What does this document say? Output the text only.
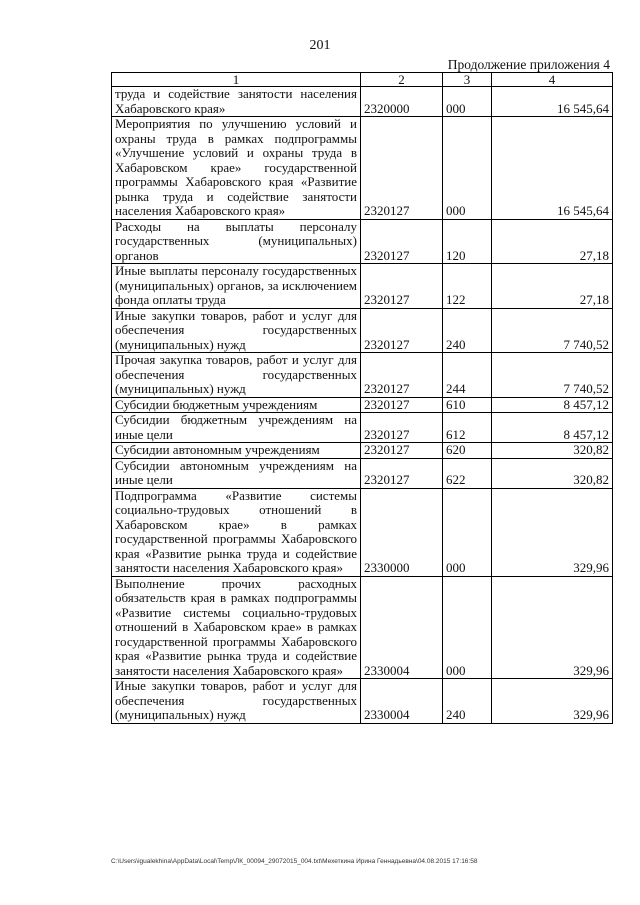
201
Продолжение приложения 4
1	2	3	4
труда и содействие занятости населения Хабаровского края»	2320000	000	16 545,64
Мероприятия по улучшению условий и охраны труда в рамках подпрограммы «Улучшение условий и охраны труда в Хабаровском крае» государственной программы Хабаровского края «Развитие рынка труда и содействие занятости населения Хабаровского края»	2320127	000	16 545,64
Расходы на выплаты персоналу государственных (муниципальных) органов	2320127	120	27,18
Иные выплаты персоналу государственных (муниципальных) органов, за исключением фонда оплаты труда	2320127	122	27,18
Иные закупки товаров, работ и услуг для обеспечения государственных (муниципальных) нужд	2320127	240	7 740,52
Прочая закупка товаров, работ и услуг для обеспечения государственных (муниципальных) нужд	2320127	244	7 740,52
Субсидии бюджетным учреждениям	2320127	610	8 457,12
Субсидии бюджетным учреждениям на иные цели	2320127	612	8 457,12
Субсидии автономным учреждениям	2320127	620	320,82
Субсидии автономным учреждениям на иные цели	2320127	622	320,82
Подпрограмма «Развитие системы социально-трудовых отношений в Хабаровском крае» в рамках государственной программы Хабаровского края «Развитие рынка труда и содействие занятости населения Хабаровского края»	2330000	000	329,96
Выполнение прочих расходных обязательств края в рамках подпрограммы «Развитие системы социально-трудовых отношений в Хабаровском крае» в рамках государственной программы Хабаровского края «Развитие рынка труда и содействие занятости населения Хабаровского края»	2330004	000	329,96
Иные закупки товаров, работ и услуг для обеспечения государственных (муниципальных) нужд	2330004	240	329,96
C:\Users\igualekhina\AppData\Local\Temp\ЛК_00094_29072015_004.txt\Мехеткина Ирина Геннадьевна\04.08.2015 17:16:58
